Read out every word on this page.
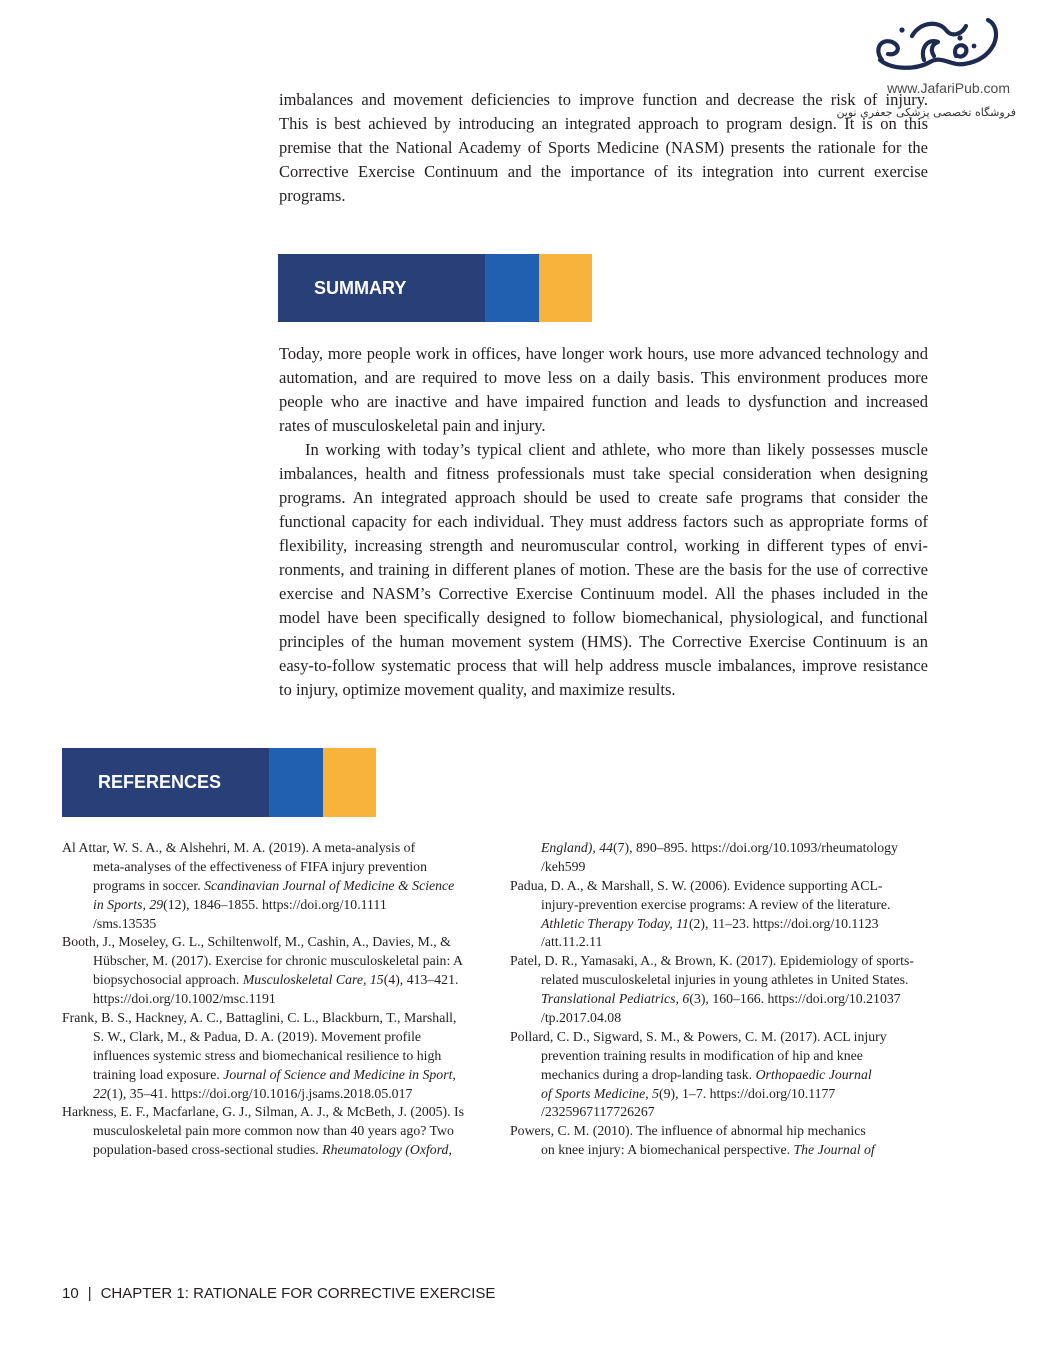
www.JafariPub.com
فروشگاه تخصصی پزشکی جعفری نوین
imbalances and movement deficiencies to improve function and decrease the risk of injury.
This is best achieved by introducing an integrated approach to program design. It is on this
premise that the National Academy of Sports Medicine (NASM) presents the rationale for the
Corrective Exercise Continuum and the importance of its integration into current exercise
programs.
SUMMARY
Today, more people work in offices, have longer work hours, use more advanced technology and
automation, and are required to move less on a daily basis. This environment produces more
people who are inactive and have impaired function and leads to dysfunction and increased
rates of musculoskeletal pain and injury.
In working with today’s typical client and athlete, who more than likely possesses muscle
imbalances, health and fitness professionals must take special consideration when designing
programs. An integrated approach should be used to create safe programs that consider the
functional capacity for each individual. They must address factors such as appropriate forms of
flexibility, increasing strength and neuromuscular control, working in different types of envi-
ronments, and training in different planes of motion. These are the basis for the use of corrective
exercise and NASM’s Corrective Exercise Continuum model. All the phases included in the
model have been specifically designed to follow biomechanical, physiological, and functional
principles of the human movement system (HMS). The Corrective Exercise Continuum is an
easy-to-follow systematic process that will help address muscle imbalances, improve resistance
to injury, optimize movement quality, and maximize results.
REFERENCES
Al Attar, W. S. A., & Alshehri, M. A. (2019). A meta-analysis of
meta-analyses of the effectiveness of FIFA injury prevention
programs in soccer. Scandinavian Journal of Medicine & Science
in Sports, 29(12), 1846–1855. https://doi.org/10.1111
/sms.13535
Booth, J., Moseley, G. L., Schiltenwolf, M., Cashin, A., Davies, M., &
Hübscher, M. (2017). Exercise for chronic musculoskeletal pain: A
biopsychosocial approach. Musculoskeletal Care, 15(4), 413–421.
https://doi.org/10.1002/msc.1191
Frank, B. S., Hackney, A. C., Battaglini, C. L., Blackburn, T., Marshall,
S. W., Clark, M., & Padua, D. A. (2019). Movement profile
influences systemic stress and biomechanical resilience to high
training load exposure. Journal of Science and Medicine in Sport,
22(1), 35–41. https://doi.org/10.1016/j.jsams.2018.05.017
Harkness, E. F., Macfarlane, G. J., Silman, A. J., & McBeth, J. (2005). Is
musculoskeletal pain more common now than 40 years ago? Two
population-based cross-sectional studies. Rheumatology (Oxford,
England), 44(7), 890–895. https://doi.org/10.1093/rheumatology
/keh599
Padua, D. A., & Marshall, S. W. (2006). Evidence supporting ACL-
injury-prevention exercise programs: A review of the literature.
Athletic Therapy Today, 11(2), 11–23. https://doi.org/10.1123
/att.11.2.11
Patel, D. R., Yamasaki, A., & Brown, K. (2017). Epidemiology of sports-
related musculoskeletal injuries in young athletes in United States.
Translational Pediatrics, 6(3), 160–166. https://doi.org/10.21037
/tp.2017.04.08
Pollard, C. D., Sigward, S. M., & Powers, C. M. (2017). ACL injury
prevention training results in modification of hip and knee
mechanics during a drop-landing task. Orthopaedic Journal
of Sports Medicine, 5(9), 1–7. https://doi.org/10.1177
/2325967117726267
Powers, C. M. (2010). The influence of abnormal hip mechanics
on knee injury: A biomechanical perspective. The Journal of
10 | CHAPTER 1: RATIONALE FOR CORRECTIVE EXERCISE
